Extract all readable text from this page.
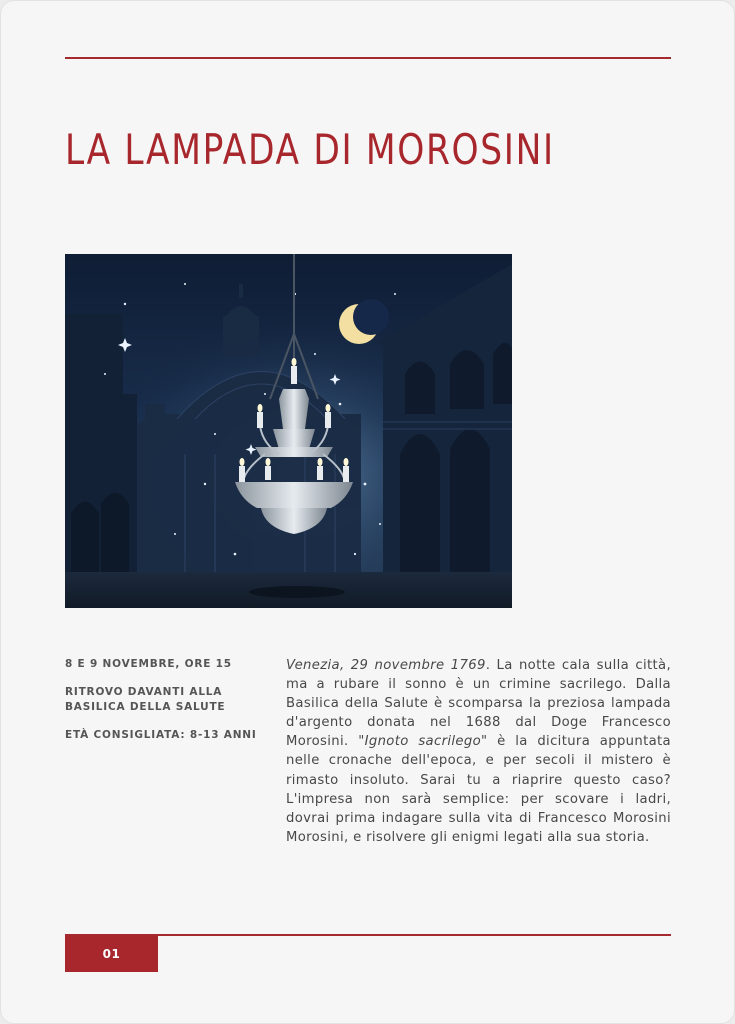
LA LAMPADA DI MOROSINI

8 E 9 NOVEMBRE, ORE 15

RITROVO DAVANTI ALLA BASILICA DELLA SALUTE

ETÀ CONSIGLIATA: 8-13 ANNI

Venezia, 29 novembre 1769. La notte cala sulla città, ma a rubare il sonno è un crimine sacrilego. Dalla Basilica della Salute è scomparsa la preziosa lampada d'argento donata nel 1688 dal Doge Francesco Morosini. "Ignoto sacrilego" è la dicitura appuntata nelle cronache dell'epoca, e per secoli il mistero è rimasto insoluto. Sarai tu a riaprire questo caso? L'impresa non sarà semplice: per scovare i ladri, dovrai prima indagare sulla vita di Francesco Morosini Morosini, e risolvere gli enigmi legati alla sua storia.

01
